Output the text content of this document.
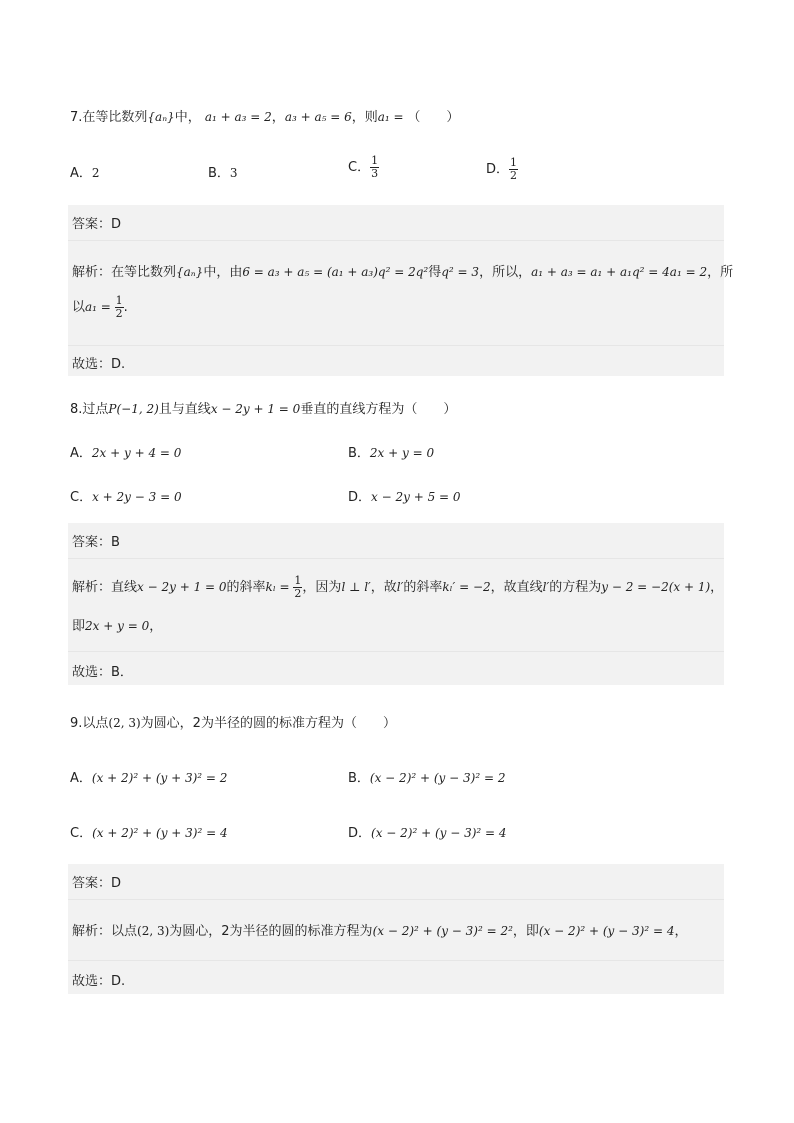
7.在等比数列{aₙ}中， a₁ + a₃ = 2，a₃ + a₅ = 6，则a₁ = （　　）
A．2	B．3	C． $\frac{1}{3}$	D． $\frac{1}{2}$
答案：D
解析：在等比数列{aₙ}中，由6 = a₃ + a₅ = (a₁ + a₃)q² = 2q²得q² = 3，所以，a₁ + a₃ = a₁ + a₁q² = 4a₁ = 2，所
以$a_1 = \frac{1}{2}$ .
故选：D.
8.过点P(−1, 2)且与直线x − 2y + 1 = 0垂直的直线方程为（　　）
A．2x + y + 4 = 0	B．2x + y = 0
C．x + 2y − 3 = 0	D．x − 2y + 5 = 0
答案：B
解析：直线x − 2y + 1 = 0的斜率$k_l = \frac{1}{2}$ ，因为l ⊥ l′，故l′的斜率kₗ′ = −2，故直线l′的方程为y − 2 = −2(x + 1)，
即2x + y = 0，
故选：B．
9.以点(2, 3)为圆心，2为半径的圆的标准方程为（　　）
A．(x + 2)² + (y + 3)² = 2	B．(x − 2)² + (y − 3)² = 2
C．(x + 2)² + (y + 3)² = 4	D．(x − 2)² + (y − 3)² = 4
答案：D
解析：以点(2, 3)为圆心，2为半径的圆的标准方程为(x − 2)² + (y − 3)² = 2²，即(x − 2)² + (y − 3)² = 4，
故选：D.
